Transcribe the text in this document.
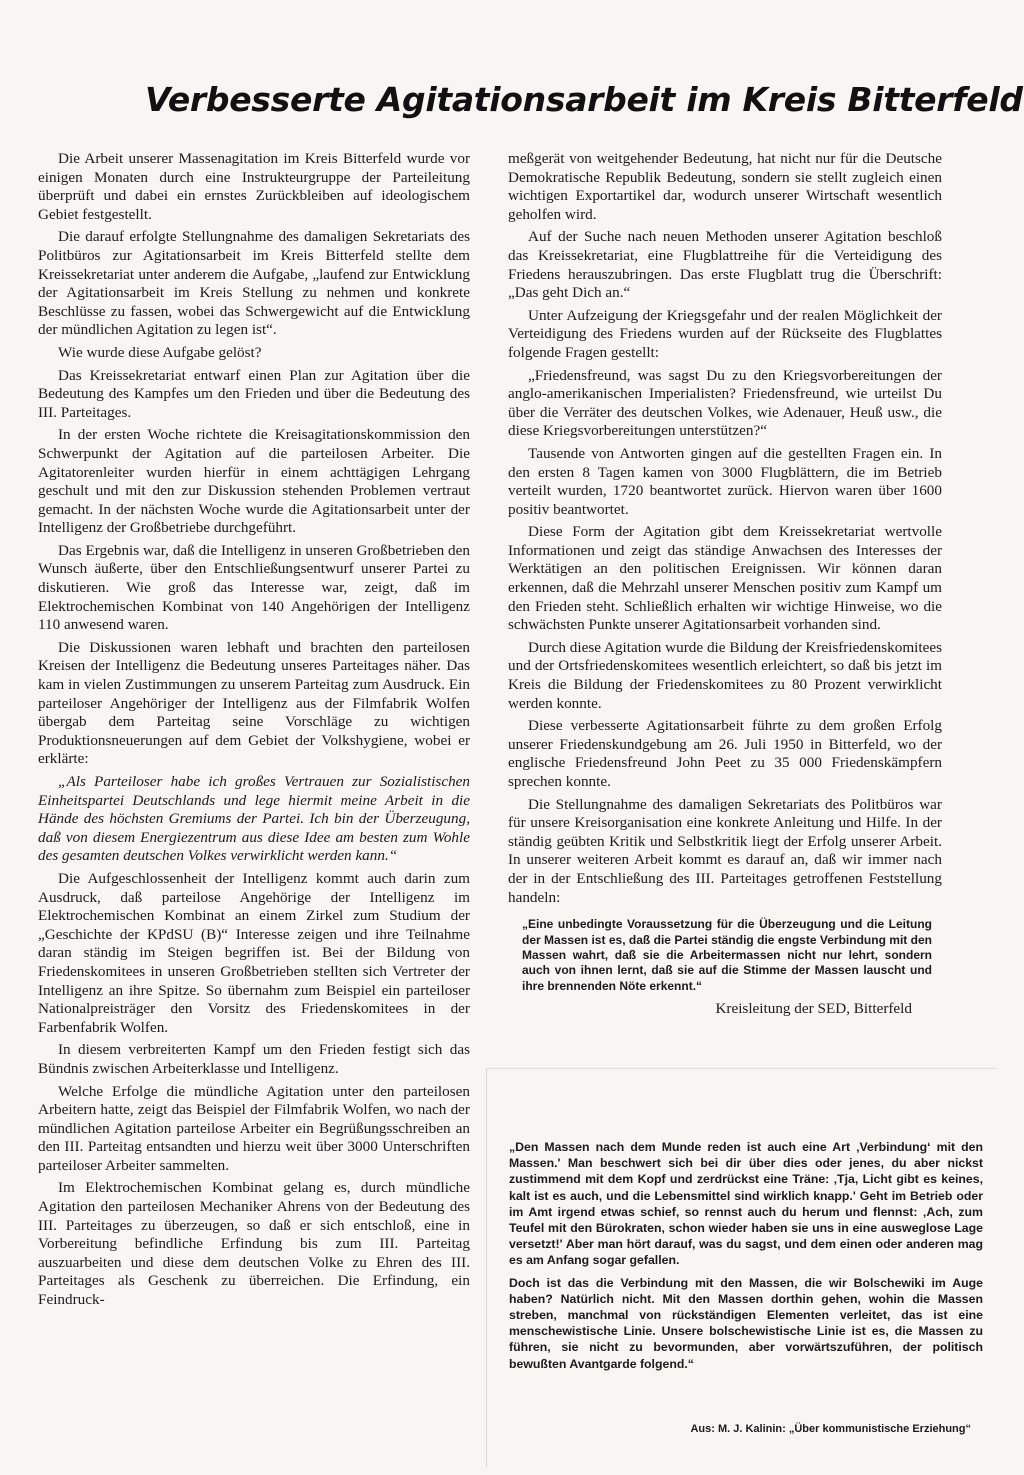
Verbesserte Agitationsarbeit im Kreis Bitterfeld

Die Arbeit unserer Massenagitation im Kreis Bitterfeld wurde vor einigen Monaten durch eine Instrukteurgruppe der Parteileitung überprüft und dabei ein ernstes Zurückbleiben auf ideologischem Gebiet festgestellt.

Die darauf erfolgte Stellungnahme des damaligen Sekretariats des Politbüros zur Agitationsarbeit im Kreis Bitterfeld stellte dem Kreissekretariat unter anderem die Aufgabe, „laufend zur Entwicklung der Agitationsarbeit im Kreis Stellung zu nehmen und konkrete Beschlüsse zu fassen, wobei das Schwergewicht auf die Entwicklung der mündlichen Agitation zu legen ist“.

Wie wurde diese Aufgabe gelöst?

Das Kreissekretariat entwarf einen Plan zur Agitation über die Bedeutung des Kampfes um den Frieden und über die Bedeutung des III. Parteitages.

In der ersten Woche richtete die Kreisagitationskommission den Schwerpunkt der Agitation auf die parteilosen Arbeiter. Die Agitatorenleiter wurden hierfür in einem achttägigen Lehrgang geschult und mit den zur Diskussion stehenden Problemen vertraut gemacht. In der nächsten Woche wurde die Agitationsarbeit unter der Intelligenz der Großbetriebe durchgeführt.

Das Ergebnis war, daß die Intelligenz in unseren Großbetrieben den Wunsch äußerte, über den Entschließungsentwurf unserer Partei zu diskutieren. Wie groß das Interesse war, zeigt, daß im Elektrochemischen Kombinat von 140 Angehörigen der Intelligenz 110 anwesend waren.

Die Diskussionen waren lebhaft und brachten den parteilosen Kreisen der Intelligenz die Bedeutung unseres Parteitages näher. Das kam in vielen Zustimmungen zu unserem Parteitag zum Ausdruck. Ein parteiloser Angehöriger der Intelligenz aus der Filmfabrik Wolfen übergab dem Parteitag seine Vorschläge zu wichtigen Produktionsneuerungen auf dem Gebiet der Volkshygiene, wobei er erklärte:

„Als Parteiloser habe ich großes Vertrauen zur Sozialistischen Einheitspartei Deutschlands und lege hiermit meine Arbeit in die Hände des höchsten Gremiums der Partei. Ich bin der Überzeugung, daß von diesem Energiezentrum aus diese Idee am besten zum Wohle des gesamten deutschen Volkes verwirklicht werden kann.“

Die Aufgeschlossenheit der Intelligenz kommt auch darin zum Ausdruck, daß parteilose Angehörige der Intelligenz im Elektrochemischen Kombinat an einem Zirkel zum Studium der „Geschichte der KPdSU (B)“ Interesse zeigen und ihre Teilnahme daran ständig im Steigen begriffen ist. Bei der Bildung von Friedenskomitees in unseren Großbetrieben stellten sich Vertreter der Intelligenz an ihre Spitze. So übernahm zum Beispiel ein parteiloser Nationalpreisträger den Vorsitz des Friedenskomitees in der Farbenfabrik Wolfen.

In diesem verbreiterten Kampf um den Frieden festigt sich das Bündnis zwischen Arbeiterklasse und Intelligenz.

Welche Erfolge die mündliche Agitation unter den parteilosen Arbeitern hatte, zeigt das Beispiel der Filmfabrik Wolfen, wo nach der mündlichen Agitation parteilose Arbeiter ein Begrüßungsschreiben an den III. Parteitag entsandten und hierzu weit über 3000 Unterschriften parteiloser Arbeiter sammelten.

Im Elektrochemischen Kombinat gelang es, durch mündliche Agitation den parteilosen Mechaniker Ahrens von der Bedeutung des III. Parteitages zu überzeugen, so daß er sich entschloß, eine in Vorbereitung befindliche Erfindung bis zum III. Parteitag auszuarbeiten und diese dem deutschen Volke zu Ehren des III. Parteitages als Geschenk zu überreichen. Die Erfindung, ein Feindruck-

meßgerät von weitgehender Bedeutung, hat nicht nur für die Deutsche Demokratische Republik Bedeutung, sondern sie stellt zugleich einen wichtigen Exportartikel dar, wodurch unserer Wirtschaft wesentlich geholfen wird.

Auf der Suche nach neuen Methoden unserer Agitation beschloß das Kreissekretariat, eine Flugblattreihe für die Verteidigung des Friedens herauszubringen. Das erste Flugblatt trug die Überschrift: „Das geht Dich an.“

Unter Aufzeigung der Kriegsgefahr und der realen Möglichkeit der Verteidigung des Friedens wurden auf der Rückseite des Flugblattes folgende Fragen gestellt:

„Friedensfreund, was sagst Du zu den Kriegsvorbereitungen der anglo-amerikanischen Imperialisten? Friedensfreund, wie urteilst Du über die Verräter des deutschen Volkes, wie Adenauer, Heuß usw., die diese Kriegsvorbereitungen unterstützen?“

Tausende von Antworten gingen auf die gestellten Fragen ein. In den ersten 8 Tagen kamen von 3000 Flugblättern, die im Betrieb verteilt wurden, 1720 beantwortet zurück. Hiervon waren über 1600 positiv beantwortet.

Diese Form der Agitation gibt dem Kreissekretariat wertvolle Informationen und zeigt das ständige Anwachsen des Interesses der Werktätigen an den politischen Ereignissen. Wir können daran erkennen, daß die Mehrzahl unserer Menschen positiv zum Kampf um den Frieden steht. Schließlich erhalten wir wichtige Hinweise, wo die schwächsten Punkte unserer Agitationsarbeit vorhanden sind.

Durch diese Agitation wurde die Bildung der Kreisfriedenskomitees und der Ortsfriedenskomitees wesentlich erleichtert, so daß bis jetzt im Kreis die Bildung der Friedenskomitees zu 80 Prozent verwirklicht werden konnte.

Diese verbesserte Agitationsarbeit führte zu dem großen Erfolg unserer Friedenskundgebung am 26. Juli 1950 in Bitterfeld, wo der englische Friedensfreund John Peet zu 35 000 Friedenskämpfern sprechen konnte.

Die Stellungnahme des damaligen Sekretariats des Politbüros war für unsere Kreisorganisation eine konkrete Anleitung und Hilfe. In der ständig geübten Kritik und Selbstkritik liegt der Erfolg unserer Arbeit. In unserer weiteren Arbeit kommt es darauf an, daß wir immer nach der in der Entschließung des III. Parteitages getroffenen Feststellung handeln:

„Eine unbedingte Voraussetzung für die Überzeugung und die Leitung der Massen ist es, daß die Partei ständig die engste Verbindung mit den Massen wahrt, daß sie die Arbeitermassen nicht nur lehrt, sondern auch von ihnen lernt, daß sie auf die Stimme der Massen lauscht und ihre brennenden Nöte erkennt.“

Kreisleitung der SED, Bitterfeld

„Den Massen nach dem Munde reden ist auch eine Art ‚Verbindung‘ mit den Massen.' Man beschwert sich bei dir über dies oder jenes, du aber nickst zustimmend mit dem Kopf und zerdrückst eine Träne: ‚Tja, Licht gibt es keines, kalt ist es auch, und die Lebensmittel sind wirklich knapp.' Geht im Betrieb oder im Amt irgend etwas schief, so rennst auch du herum und flennst: ‚Ach, zum Teufel mit den Bürokraten, schon wieder haben sie uns in eine ausweglose Lage versetzt!' Aber man hört darauf, was du sagst, und dem einen oder anderen mag es am Anfang sogar gefallen.

Doch ist das die Verbindung mit den Massen, die wir Bolschewiki im Auge haben? Natürlich nicht. Mit den Massen dorthin gehen, wohin die Massen streben, manchmal von rückständigen Elementen verleitet, das ist eine menschewistische Linie. Unsere bolschewistische Linie ist es, die Massen zu führen, sie nicht zu bevormunden, aber vorwärtszuführen, der politisch bewußten Avantgarde folgend.“

Aus: M. J. Kalinin: „Über kommunistische Erziehung“
